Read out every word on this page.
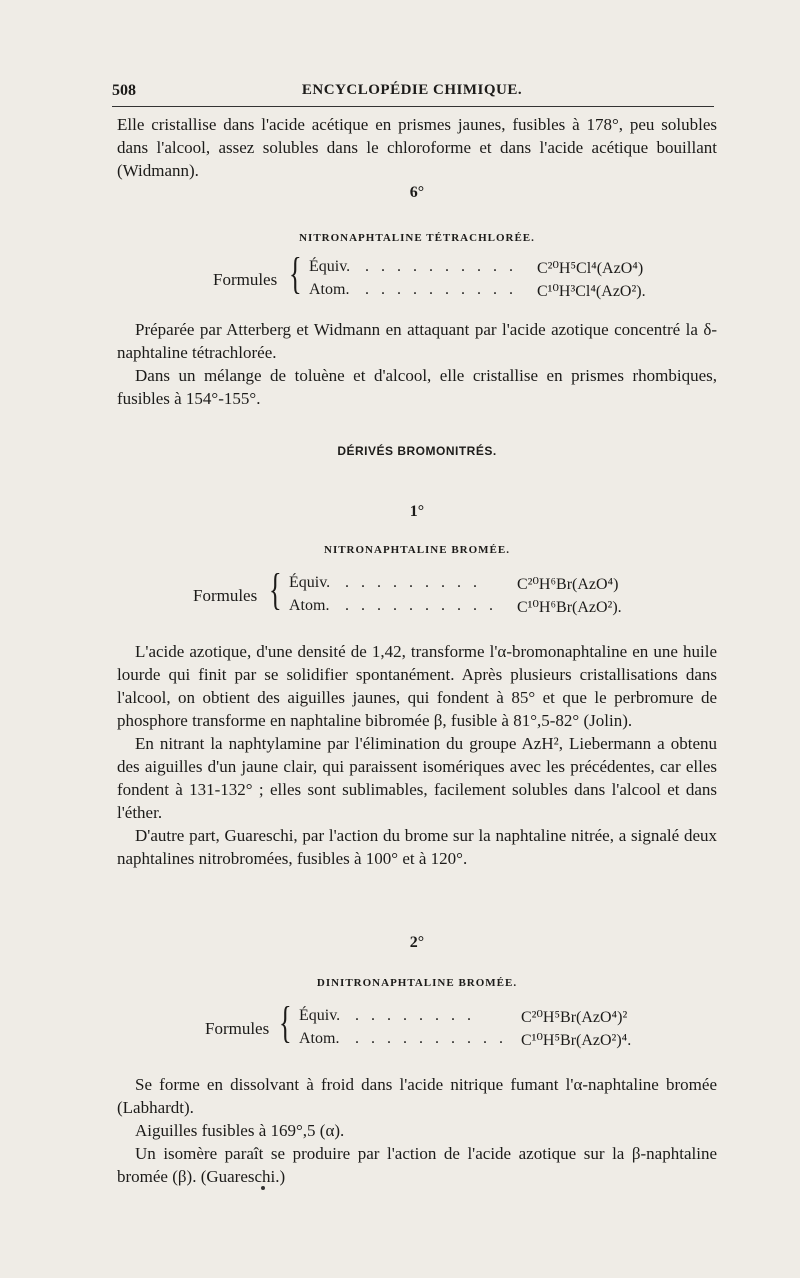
508	ENCYCLOPÉDIE CHIMIQUE.

Elle cristallise dans l'acide acétique en prismes jaunes, fusibles à 178°, peu solubles dans l'alcool, assez solubles dans le chloroforme et dans l'acide acétique bouillant (Widmann).

6°
NITRONAPHTALINE TÉTRACHLORÉE.
Formules { Équiv. . . . . . . . . . . C²⁰H⁵Cl⁴(AzO⁴)
Atom. . . . . . . . . . . C¹⁰H³Cl⁴(AzO²).

Préparée par Atterberg et Widmann en attaquant par l'acide azotique concentré la δ-naphtaline tétrachlorée.

Dans un mélange de toluène et d'alcool, elle cristallise en prismes rhombiques, fusibles à 154°-155°.

DÉRIVÉS BROMONITRÉS.
1°
NITRONAPHTALINE BROMÉE.
Formules { Équiv. . . . . . . . . . C²⁰H⁶Br(AzO⁴)
Atom. . . . . . . . . . . C¹⁰H⁶Br(AzO²).

L'acide azotique, d'une densité de 1,42, transforme l'α-bromonaphtaline en une huile lourde qui finit par se solidifier spontanément. Après plusieurs cristallisations dans l'alcool, on obtient des aiguilles jaunes, qui fondent à 85° et que le perbromure de phosphore transforme en naphtaline bibromée β, fusible à 81°,5-82° (Jolin).

En nitrant la naphtylamine par l'élimination du groupe AzH², Liebermann a obtenu des aiguilles d'un jaune clair, qui paraissent isomériques avec les précédentes, car elles fondent à 131-132° ; elles sont sublimables, facilement solubles dans l'alcool et dans l'éther.

D'autre part, Guareschi, par l'action du brome sur la naphtaline nitrée, a signalé deux naphtalines nitrobromées, fusibles à 100° et à 120°.

2°
DINITRONAPHTALINE BROMÉE.
Formules { Équiv. . . . . . . . .	C²⁰H⁵Br(AzO⁴)²
Atom. . . . . . . . . . . C¹⁰H⁵Br(AzO²)⁴.

Se forme en dissolvant à froid dans l'acide nitrique fumant l'α-naphtaline bromée (Labhardt).

Aiguilles fusibles à 169°,5 (α).

Un isomère paraît se produire par l'action de l'acide azotique sur la β-naphtaline bromée (β). (Guareschi.)
